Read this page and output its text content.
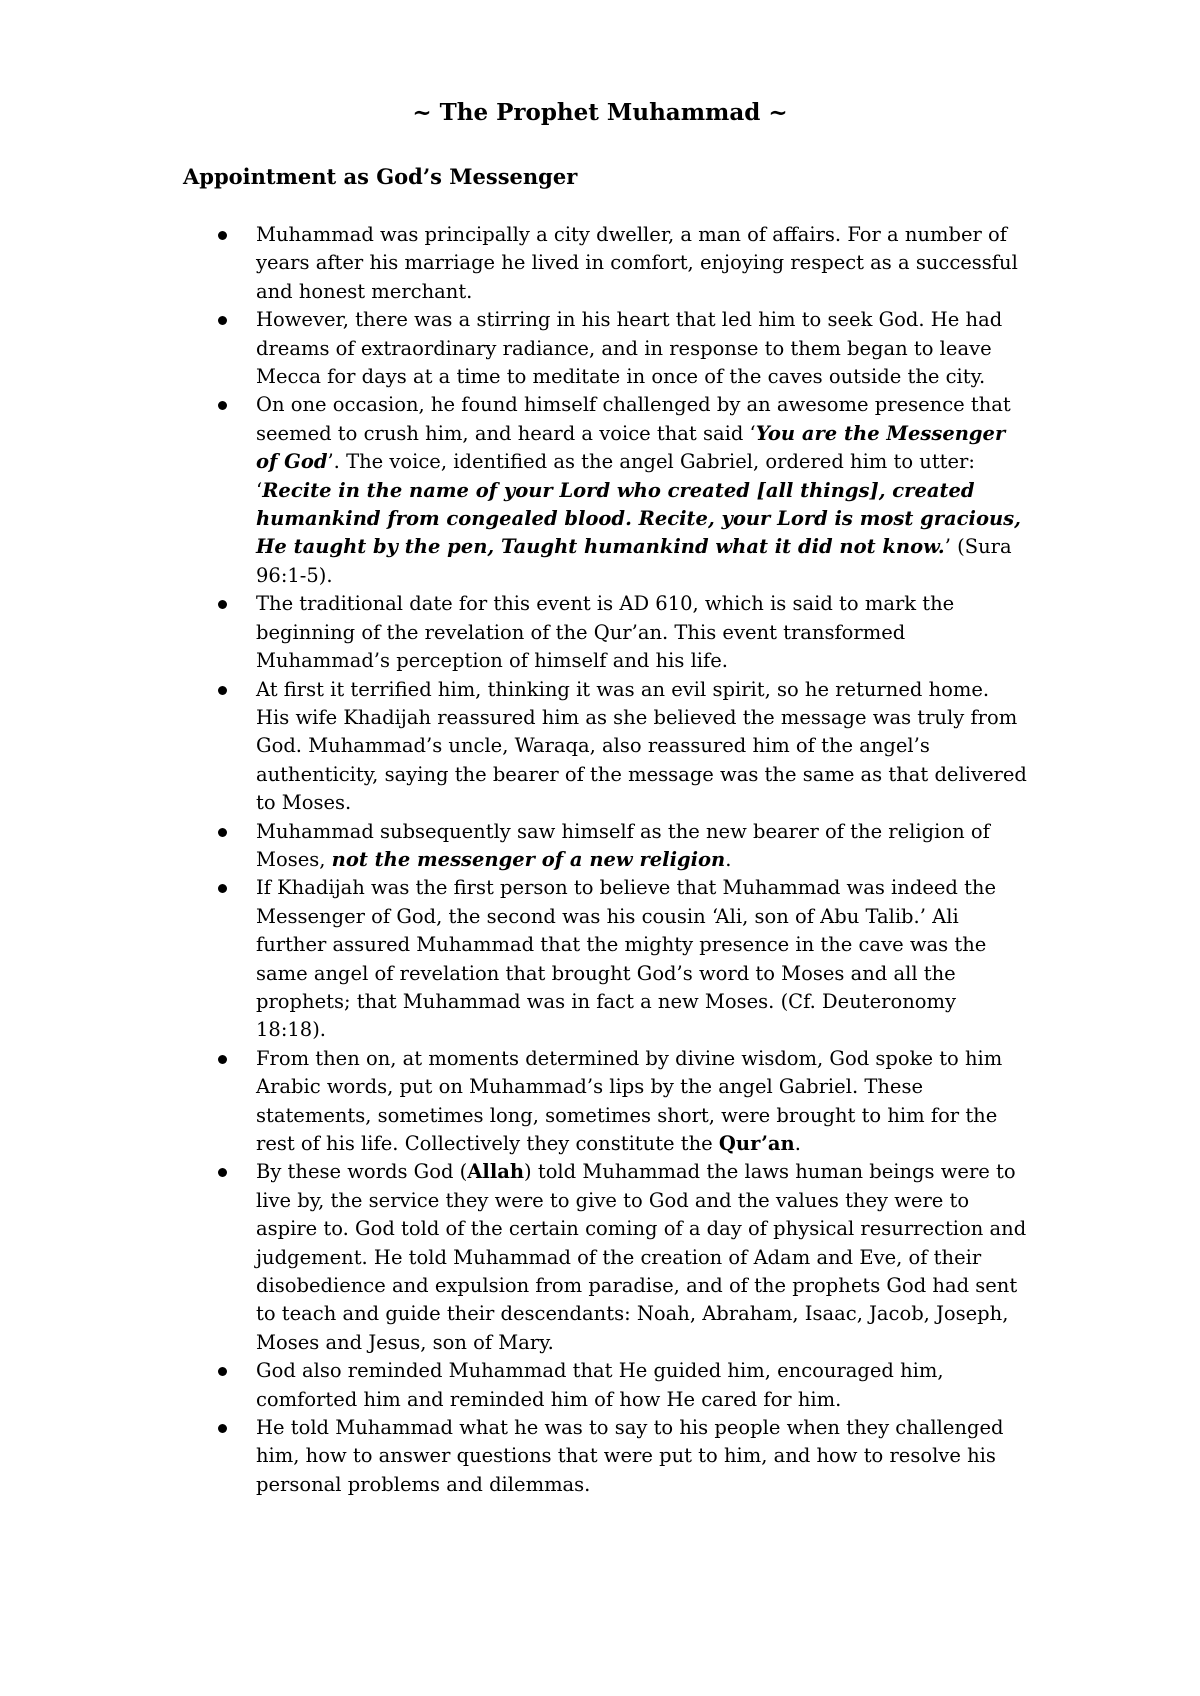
~ The Prophet Muhammad ~
Appointment as God’s Messenger
Muhammad was principally a city dweller, a man of affairs. For a number of years after his marriage he lived in comfort, enjoying respect as a successful and honest merchant.
However, there was a stirring in his heart that led him to seek God. He had dreams of extraordinary radiance, and in response to them began to leave Mecca for days at a time to meditate in once of the caves outside the city.
On one occasion, he found himself challenged by an awesome presence that seemed to crush him, and heard a voice that said ‘You are the Messenger of God’. The voice, identified as the angel Gabriel, ordered him to utter: ‘Recite in the name of your Lord who created [all things], created humankind from congealed blood. Recite, your Lord is most gracious, He taught by the pen, Taught humankind what it did not know.’ (Sura 96:1-5).
The traditional date for this event is AD 610, which is said to mark the beginning of the revelation of the Qur’an. This event transformed Muhammad’s perception of himself and his life.
At first it terrified him, thinking it was an evil spirit, so he returned home. His wife Khadijah reassured him as she believed the message was truly from God. Muhammad’s uncle, Waraqa, also reassured him of the angel’s authenticity, saying the bearer of the message was the same as that delivered to Moses.
Muhammad subsequently saw himself as the new bearer of the religion of Moses, not the messenger of a new religion.
If Khadijah was the first person to believe that Muhammad was indeed the Messenger of God, the second was his cousin ‘Ali, son of Abu Talib.’ Ali further assured Muhammad that the mighty presence in the cave was the same angel of revelation that brought God’s word to Moses and all the prophets; that Muhammad was in fact a new Moses. (Cf. Deuteronomy 18:18).
From then on, at moments determined by divine wisdom, God spoke to him Arabic words, put on Muhammad’s lips by the angel Gabriel. These statements, sometimes long, sometimes short, were brought to him for the rest of his life. Collectively they constitute the Qur’an.
By these words God (Allah) told Muhammad the laws human beings were to live by, the service they were to give to God and the values they were to aspire to. God told of the certain coming of a day of physical resurrection and judgement. He told Muhammad of the creation of Adam and Eve, of their disobedience and expulsion from paradise, and of the prophets God had sent to teach and guide their descendants: Noah, Abraham, Isaac, Jacob, Joseph, Moses and Jesus, son of Mary.
God also reminded Muhammad that He guided him, encouraged him, comforted him and reminded him of how He cared for him.
He told Muhammad what he was to say to his people when they challenged him, how to answer questions that were put to him, and how to resolve his personal problems and dilemmas.
